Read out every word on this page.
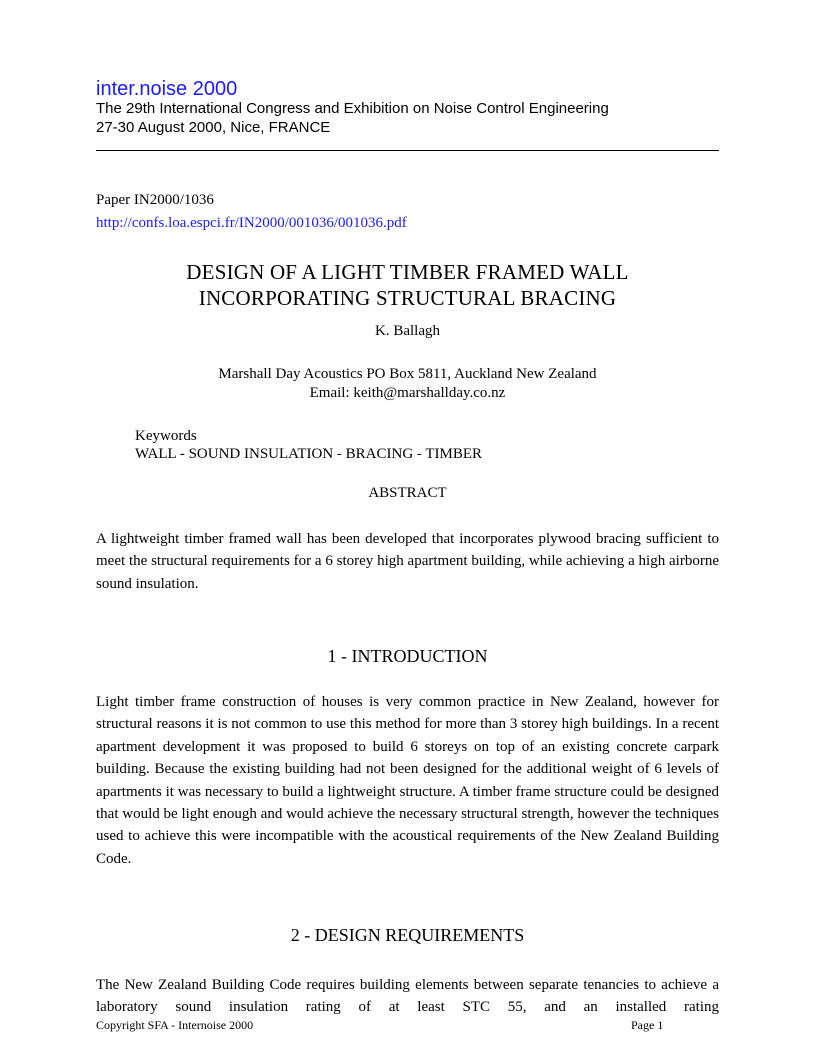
inter.noise 2000
The 29th International Congress and Exhibition on Noise Control Engineering
27-30 August 2000, Nice, FRANCE
Paper IN2000/1036
http://confs.loa.espci.fr/IN2000/001036/001036.pdf
DESIGN OF A LIGHT TIMBER FRAMED WALL
INCORPORATING STRUCTURAL BRACING
K. Ballagh
Marshall Day Acoustics PO Box 5811, Auckland New Zealand
Email: keith@marshallday.co.nz
Keywords
WALL - SOUND INSULATION - BRACING - TIMBER
ABSTRACT
A lightweight timber framed wall has been developed that incorporates plywood bracing sufficient to meet the structural requirements for a 6 storey high apartment building, while achieving a high airborne sound insulation.
1 - INTRODUCTION
Light timber frame construction of houses is very common practice in New Zealand, however for structural reasons it is not common to use this method for more than 3 storey high buildings. In a recent apartment development it was proposed to build 6 storeys on top of an existing concrete carpark building. Because the existing building had not been designed for the additional weight of 6 levels of apartments it was necessary to build a lightweight structure. A timber frame structure could be designed that would be light enough and would achieve the necessary structural strength, however the techniques used to achieve this were incompatible with the acoustical requirements of the New Zealand Building Code.
2 - DESIGN REQUIREMENTS
The New Zealand Building Code requires building elements between separate tenancies to achieve a laboratory sound insulation rating of at least STC 55, and an installed rating
Copyright SFA - Internoise 2000	Page 1
